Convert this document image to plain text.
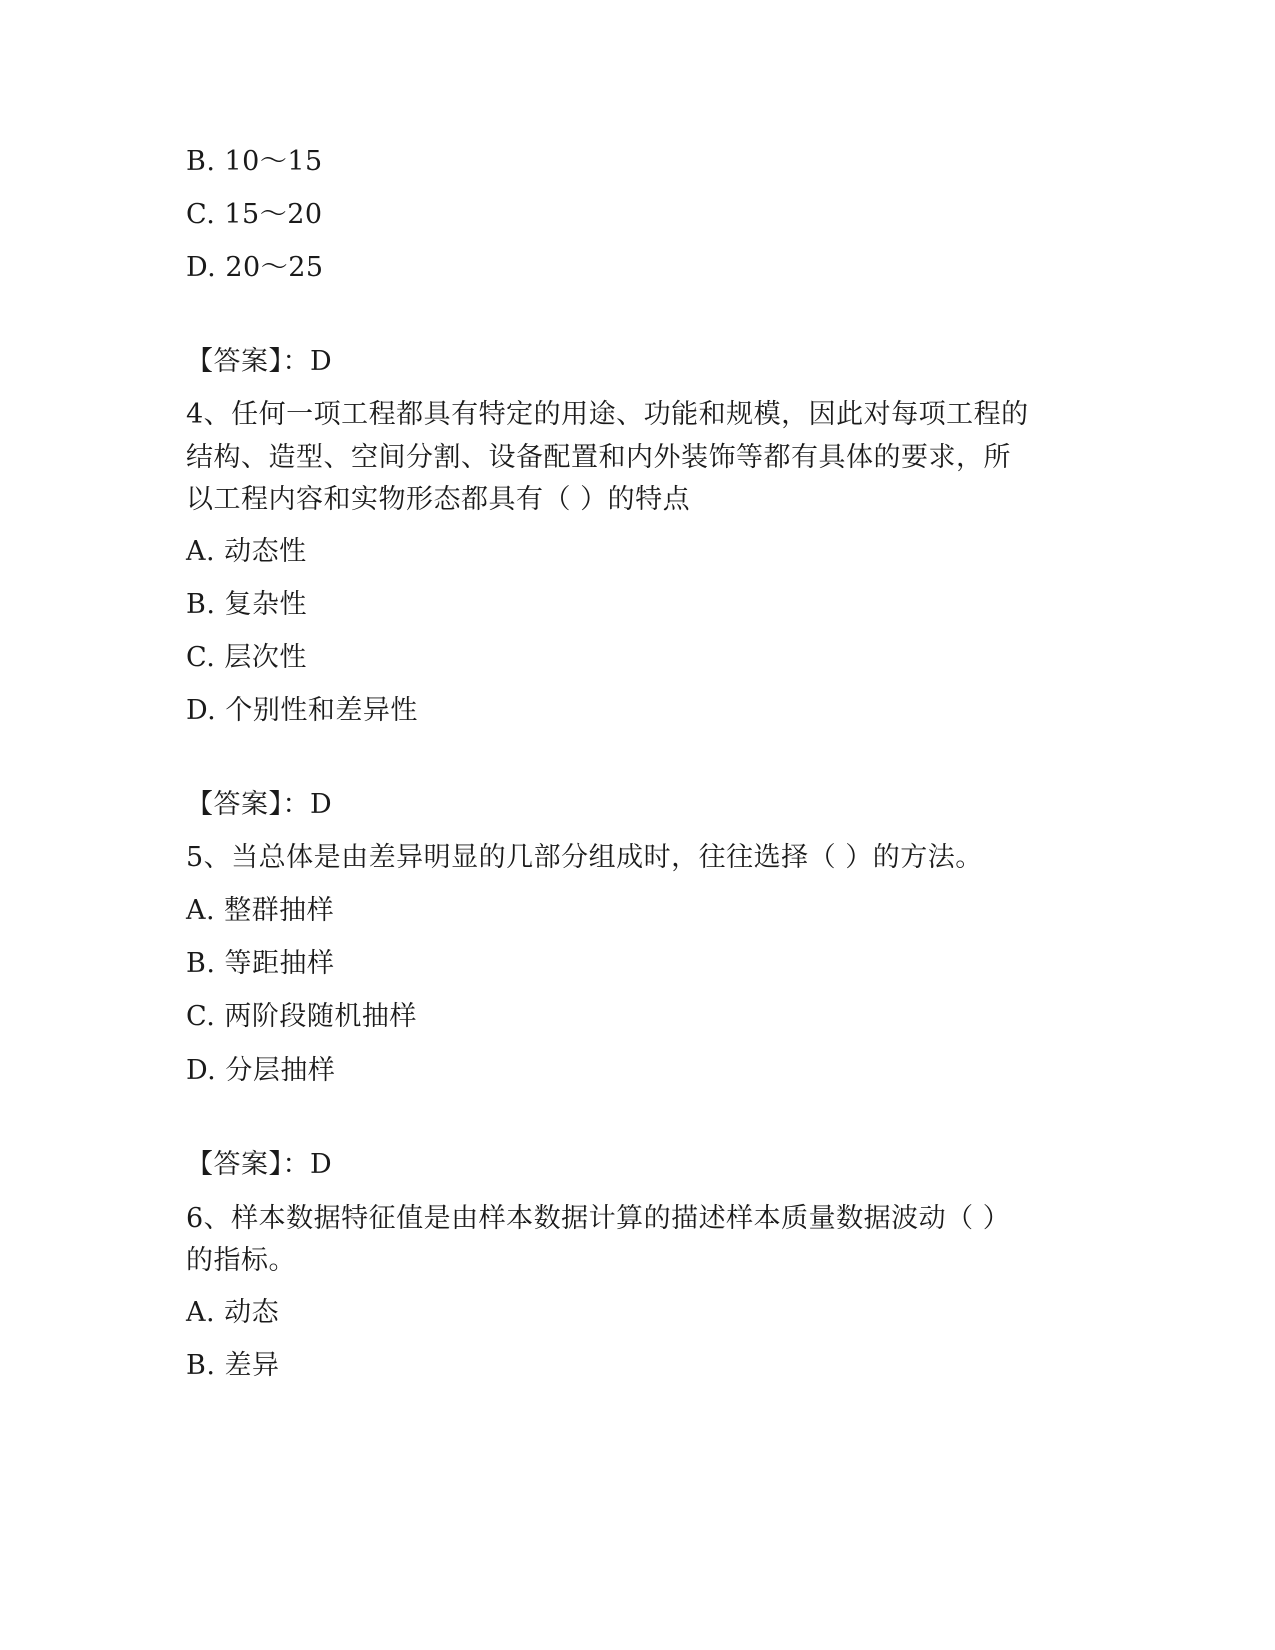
B. 10～15
C. 15～20
D. 20～25
【答案】：D
4、任何一项工程都具有特定的用途、功能和规模，因此对每项工程的
结构、造型、空间分割、设备配置和内外装饰等都有具体的要求，所
以工程内容和实物形态都具有（ ）的特点
A. 动态性
B. 复杂性
C. 层次性
D. 个别性和差异性
【答案】：D
5、当总体是由差异明显的几部分组成时，往往选择（ ）的方法。
A. 整群抽样
B. 等距抽样
C. 两阶段随机抽样
D. 分层抽样
【答案】：D
6、样本数据特征值是由样本数据计算的描述样本质量数据波动（ ）
的指标。
A. 动态
B. 差异
